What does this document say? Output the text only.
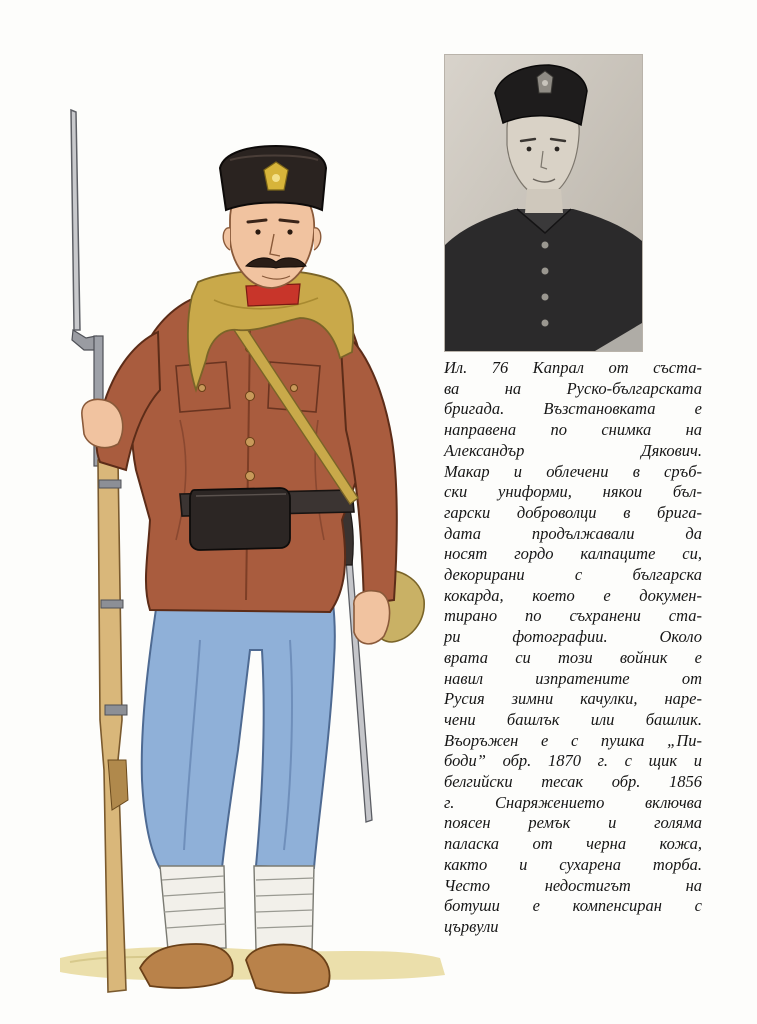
Ил. 76 Капрал от съста-
ва на Руско-българската
бригада. Възстановката е
направена по снимка на
Александър Дякович.
Макар и облечени в сръб-
ски униформи, някои бъл-
гарски доброволци в брига-
дата продължавали да
носят гордо калпаците си,
декорирани с българска
кокарда, което е докумен-
тирано по съхранени ста-
ри фотографии. Около
врата си този войник е
навил изпратените от
Русия зимни качулки, наре-
чени башлък или башлик.
Въоръжен е с пушка „Пи-
боди” обр. 1870 г. с щик и
белгийски тесак обр. 1856
г. Снаряжението включва
поясен ремък и голяма
паласка от черна кожа,
както и сухарена торба.
Често недостигът на
ботуши е компенсиран с
цървули
